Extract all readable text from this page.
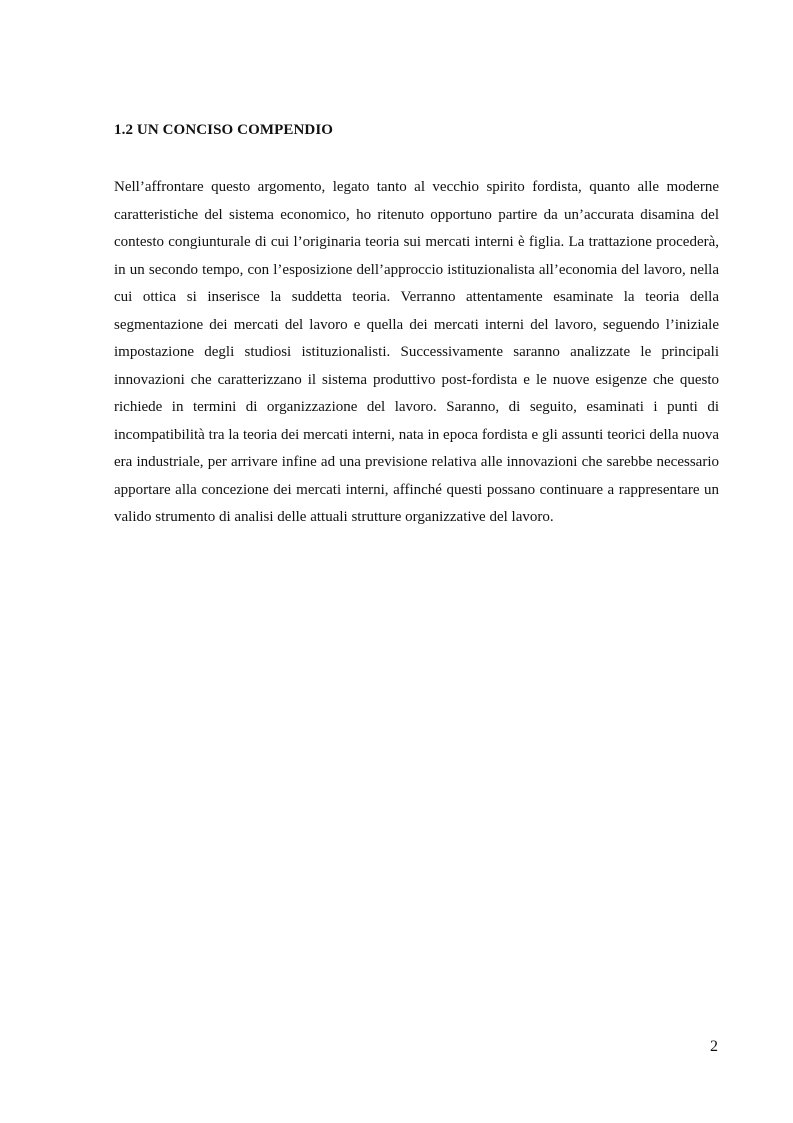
1.2 UN CONCISO COMPENDIO

Nell’affrontare questo argomento, legato tanto al vecchio spirito fordista, quanto alle moderne caratteristiche del sistema economico, ho ritenuto opportuno partire da un’accurata disamina del contesto congiunturale di cui l’originaria teoria sui mercati interni è figlia. La trattazione procederà, in un secondo tempo, con l’esposizione dell’approccio istituzionalista all’economia del lavoro, nella cui ottica si inserisce la suddetta teoria. Verranno attentamente esaminate la teoria della segmentazione dei mercati del lavoro e quella dei mercati interni del lavoro, seguendo l’iniziale impostazione degli studiosi istituzionalisti. Successivamente saranno analizzate le principali innovazioni che caratterizzano il sistema produttivo post-fordista e le nuove esigenze che questo richiede in termini di organizzazione del lavoro. Saranno, di seguito, esaminati i punti di incompatibilità tra la teoria dei mercati interni, nata in epoca fordista e gli assunti teorici della nuova era industriale, per arrivare infine ad una previsione relativa alle innovazioni che sarebbe necessario apportare alla concezione dei mercati interni, affinché questi possano continuare a rappresentare un valido strumento di analisi delle attuali strutture organizzative del lavoro.

2
